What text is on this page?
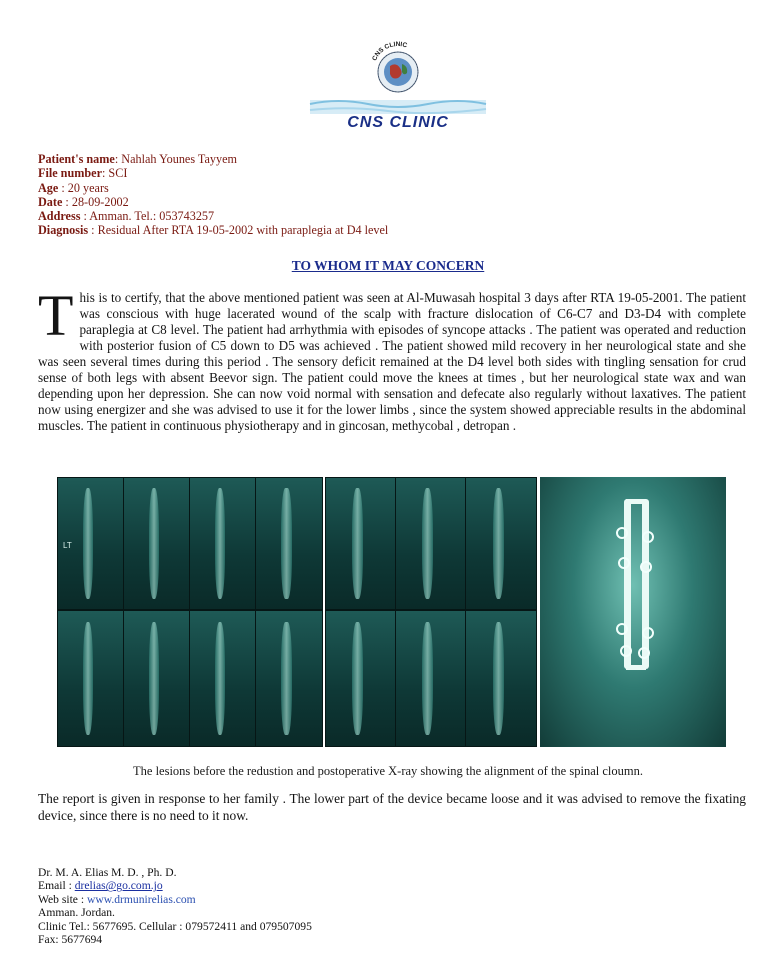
CNS CLINIC
CNS CLINIC
Patient's name: Nahlah Younes Tayyem
File number: SCI
Age : 20 years
Date : 28-09-2002
Address : Amman. Tel.: 053743257
Diagnosis : Residual After RTA 19-05-2002 with paraplegia at D4 level
TO WHOM IT MAY CONCERN
T his is to certify, that the above mentioned patient was seen at Al-Muwasah hospital 3 days after RTA 19-05-2001. The patient was conscious with huge lacerated wound of the scalp with fracture dislocation of C6-C7 and D3-D4 with complete paraplegia at C8 level. The patient had arrhythmia with episodes of syncope attacks . The patient was operated and reduction with posterior fusion of C5 down to D5 was achieved . The patient showed mild recovery in her neurological state and she was seen several times during this period . The sensory deficit remained at the D4 level both sides with tingling sensation for crud sense of both legs with absent Beevor sign. The patient could move the knees at times , but her neurological state wax and wan depending upon her depression. She can now void normal with sensation and defecate also regularly without laxatives. The patient now using energizer and she was advised to use it for the lower limbs , since the system showed appreciable results in the abdominal muscles. The patient in continuous physiotherapy and in gincosan, methycobal , detropan .
LT
The lesions before the redustion and postoperative X-ray showing the alignment of the spinal cloumn.
The report is given in response to her family . The lower part of the device became loose and it was advised to remove the fixating device, since there is no need to it now.
Dr. M. A. Elias M. D. , Ph. D.
Email : drelias@go.com.jo
Web site : www.drmunirelias.com
Amman. Jordan.
Clinic Tel.: 5677695. Cellular : 079572411 and 079507095
Fax: 5677694
